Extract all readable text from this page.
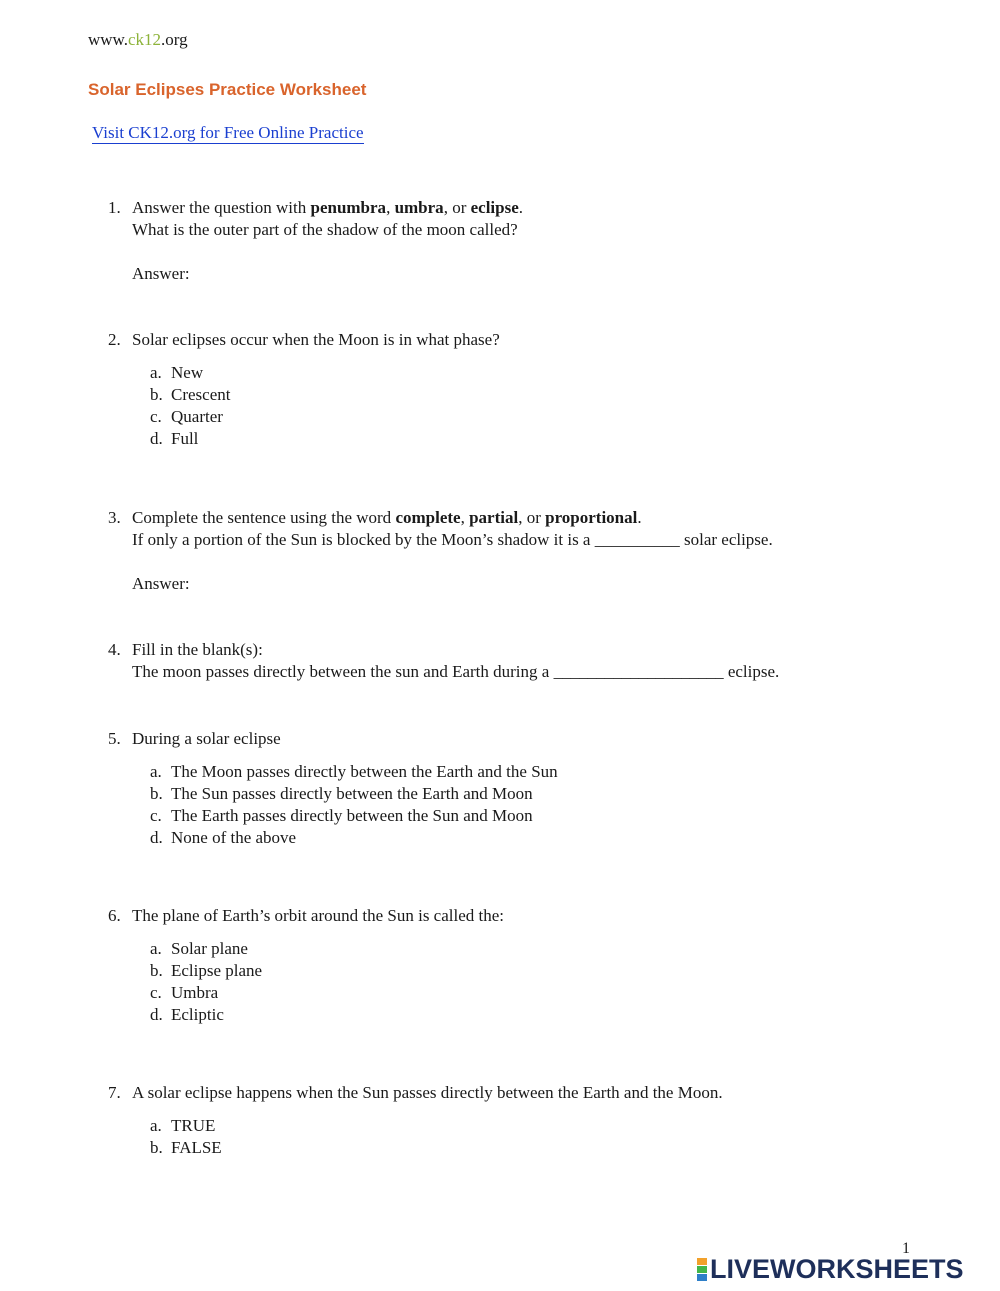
www.ck12.org
Solar Eclipses Practice Worksheet
Visit CK12.org for Free Online Practice
1. Answer the question with penumbra, umbra, or eclipse.
What is the outer part of the shadow of the moon called?
Answer:
2. Solar eclipses occur when the Moon is in what phase?
a. New
b. Crescent
c. Quarter
d. Full
3. Complete the sentence using the word complete, partial, or proportional.
If only a portion of the Sun is blocked by the Moon’s shadow it is a __________ solar eclipse.
Answer:
4. Fill in the blank(s):
The moon passes directly between the sun and Earth during a ____________________ eclipse.
5. During a solar eclipse
a. The Moon passes directly between the Earth and the Sun
b. The Sun passes directly between the Earth and Moon
c. The Earth passes directly between the Sun and Moon
d. None of the above
6. The plane of Earth’s orbit around the Sun is called the:
a. Solar plane
b. Eclipse plane
c. Umbra
d. Ecliptic
7. A solar eclipse happens when the Sun passes directly between the Earth and the Moon.
a. TRUE
b. FALSE
1
LIVEWORKSHEETS
